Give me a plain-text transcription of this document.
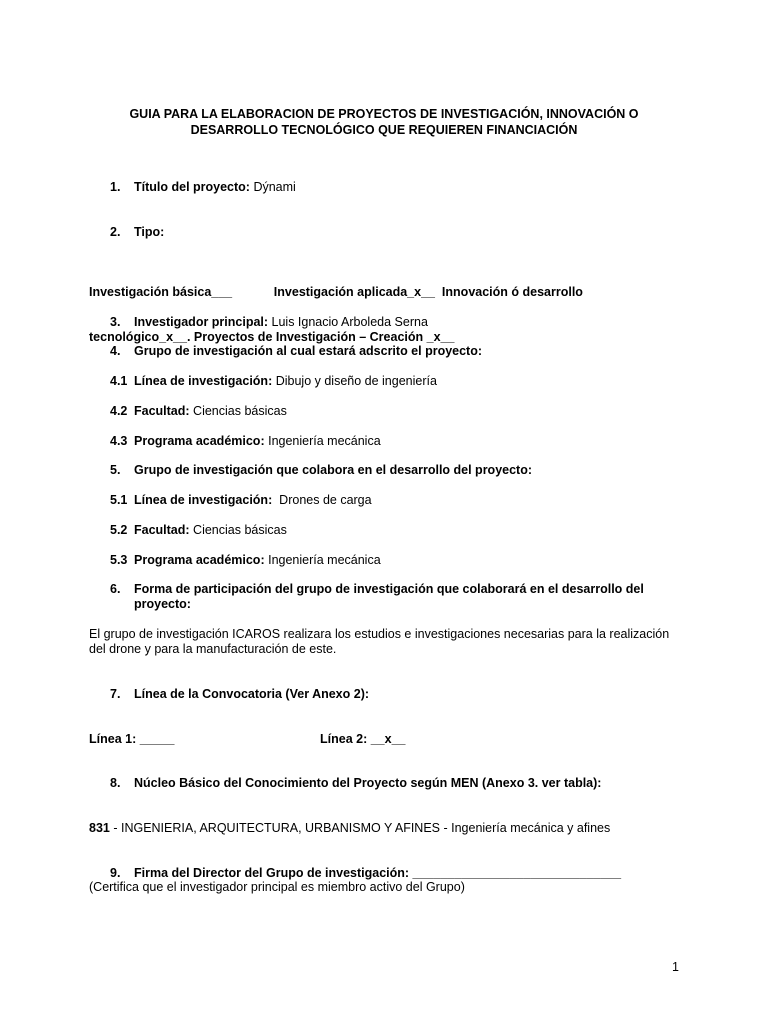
GUIA PARA LA ELABORACION DE PROYECTOS DE INVESTIGACIÓN, INNOVACIÓN O
DESARROLLO TECNOLÓGICO QUE REQUIEREN FINANCIACIÓN
1.	Título del proyecto: Dýnami
2.	Tipo:

Investigación básica___            Investigación aplicada_x__  Innovación ó desarrollo

tecnológico_x__. Proyectos de Investigación – Creación _x__

3.	Investigador principal: Luis Ignacio Arboleda Serna
4.	Grupo de investigación al cual estará adscrito el proyecto:
4.1 Línea de investigación: Dibujo y diseño de ingeniería
4.2 Facultad: Ciencias básicas
4.3 Programa académico: Ingeniería mecánica
5.	Grupo de investigación que colabora en el desarrollo del proyecto:
5.1 Línea de investigación:  Drones de carga
5.2 Facultad: Ciencias básicas
5.3 Programa académico: Ingeniería mecánica
6.	Forma de participación del grupo de investigación que colaborará en el desarrollo del
proyecto:
El grupo de investigación ICAROS realizara los estudios e investigaciones necesarias para la realización
del drone y para la manufacturación de este.
7.	Línea de la Convocatoria (Ver Anexo 2):
Línea 1: _____	Línea 2: __x__
8.	Núcleo Básico del Conocimiento del Proyecto según MEN (Anexo 3. ver tabla):
831 - INGENIERIA, ARQUITECTURA, URBANISMO Y AFINES - Ingeniería mecánica y afines
9.	Firma del Director del Grupo de investigación: ______________________________
(Certifica que el investigador principal es miembro activo del Grupo)
1
